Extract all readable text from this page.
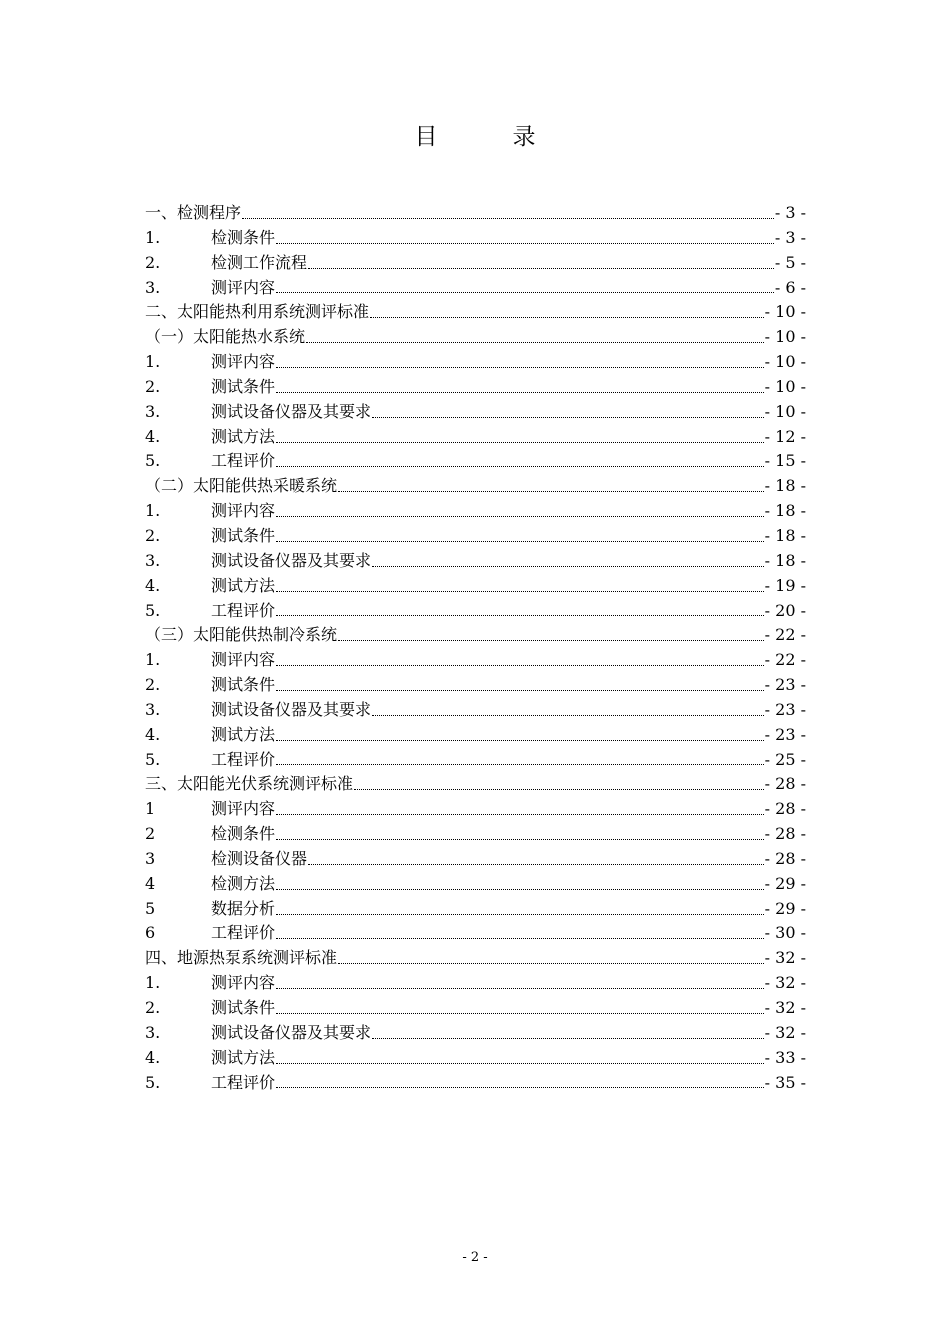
目　录
一、检测程序	- 3 -
1.	检测条件	- 3 -
2.	检测工作流程	- 5 -
3.	测评内容	- 6 -
二、太阳能热利用系统测评标准	- 10 -
（一）太阳能热水系统	- 10 -
1.	测评内容	- 10 -
2.	测试条件	- 10 -
3.	测试设备仪器及其要求	- 10 -
4.	测试方法	- 12 -
5.	工程评价	- 15 -
（二）太阳能供热采暖系统	- 18 -
1.	测评内容	- 18 -
2.	测试条件	- 18 -
3.	测试设备仪器及其要求	- 18 -
4.	测试方法	- 19 -
5.	工程评价	- 20 -
（三）太阳能供热制冷系统	- 22 -
1.	测评内容	- 22 -
2.	测试条件	- 23 -
3.	测试设备仪器及其要求	- 23 -
4.	测试方法	- 23 -
5.	工程评价	- 25 -
三、太阳能光伏系统测评标准	- 28 -
1	测评内容	- 28 -
2	检测条件	- 28 -
3	检测设备仪器	- 28 -
4	检测方法	- 29 -
5	数据分析	- 29 -
6	工程评价	- 30 -
四、地源热泵系统测评标准	- 32 -
1.	测评内容	- 32 -
2.	测试条件	- 32 -
3.	测试设备仪器及其要求	- 32 -
4.	测试方法	- 33 -
5.	工程评价	- 35 -
- 2 -
